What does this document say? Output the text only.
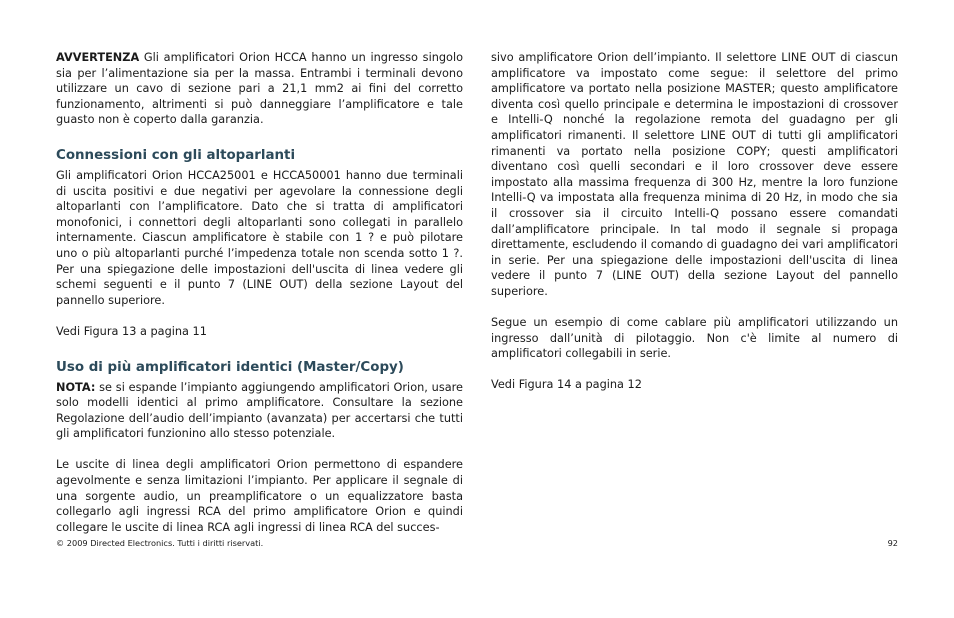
AVVERTENZA Gli amplificatori Orion HCCA hanno un ingresso singolo sia per l’alimentazione sia per la massa. Entrambi i terminali devono utilizzare un cavo di sezione pari a 21,1 mm2 ai fini del corretto funzionamento, altrimenti si può danneggiare l’amplificatore e tale guasto non è coperto dalla garanzia.

Connessioni con gli altoparlanti

Gli amplificatori Orion HCCA25001 e HCCA50001 hanno due terminali di uscita positivi e due negativi per agevolare la connessione degli altoparlanti con l’amplificatore. Dato che si tratta di amplificatori monofonici, i connettori degli altoparlanti sono collegati in parallelo internamente. Ciascun amplificatore è stabile con 1 ? e può pilotare uno o più altoparlanti purché l’impedenza totale non scenda sotto 1 ?. Per una spiegazione delle impostazioni dell'uscita di linea vedere gli schemi seguenti e il punto 7 (LINE OUT) della sezione Layout del pannello superiore.

Vedi Figura 13 a pagina 11

Uso di più amplificatori identici (Master/Copy)

NOTA: se si espande l’impianto aggiungendo amplificatori Orion, usare solo modelli identici al primo amplificatore. Consultare la sezione Regolazione dell’audio dell’impianto (avanzata) per accertarsi che tutti gli amplificatori funzionino allo stesso potenziale.

Le uscite di linea degli amplificatori Orion permettono di espandere agevolmente e senza limitazioni l’impianto. Per applicare il segnale di una sorgente audio, un preamplificatore o un equalizzatore basta collegarlo agli ingressi RCA del primo amplificatore Orion e quindi collegare le uscite di linea RCA agli ingressi di linea RCA del succes-

sivo amplificatore Orion dell’impianto. Il selettore LINE OUT di ciascun amplificatore va impostato come segue: il selettore del primo amplificatore va portato nella posizione MASTER; questo amplificatore diventa così quello principale e determina le impostazioni di crossover e Intelli-Q nonché la regolazione remota del guadagno per gli amplificatori rimanenti. Il selettore LINE OUT di tutti gli amplificatori rimanenti va portato nella posizione COPY; questi amplificatori diventano così quelli secondari e il loro crossover deve essere impostato alla massima frequenza di 300 Hz, mentre la loro funzione Intelli-Q va impostata alla frequenza minima di 20 Hz, in modo che sia il crossover sia il circuito Intelli-Q possano essere comandati dall’amplificatore principale. In tal modo il segnale si propaga direttamente, escludendo il comando di guadagno dei vari amplificatori in serie. Per una spiegazione delle impostazioni dell'uscita di linea vedere il punto 7 (LINE OUT) della sezione Layout del pannello superiore.

Segue un esempio di come cablare più amplificatori utilizzando un ingresso dall’unità di pilotaggio. Non c'è limite al numero di amplificatori collegabili in serie.

Vedi Figura 14 a pagina 12

© 2009 Directed Electronics. Tutti i diritti riservati.	92
